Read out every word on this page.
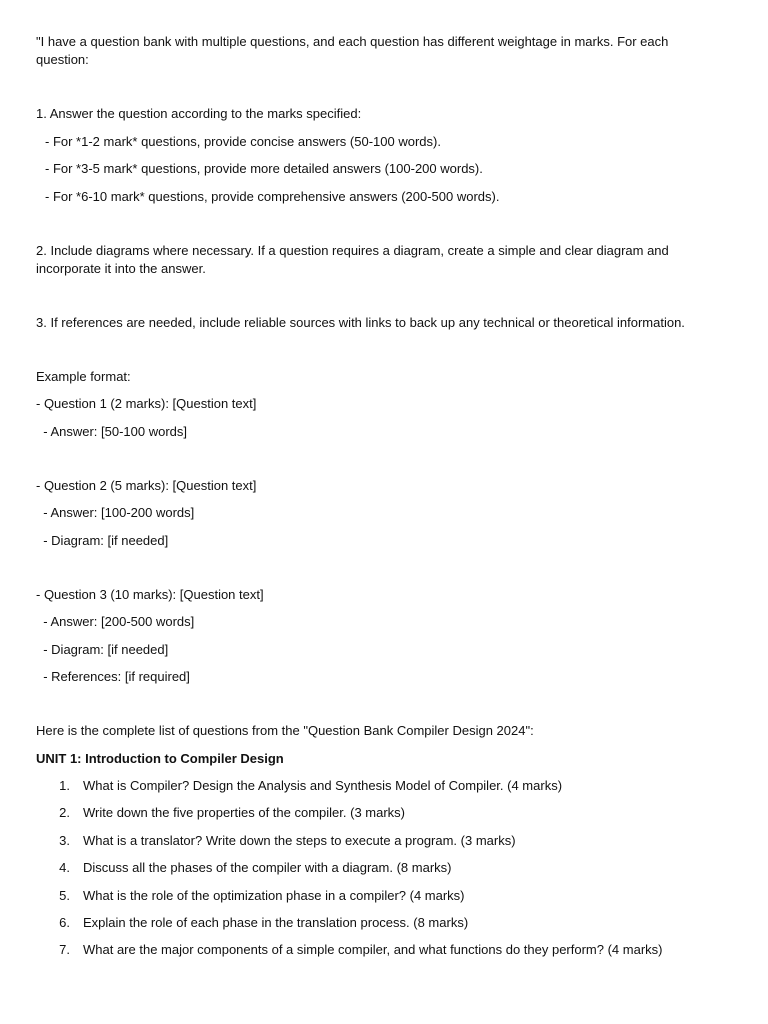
"I have a question bank with multiple questions, and each question has different weightage in marks. For each question:

1. Answer the question according to the marks specified:

- For *1-2 mark* questions, provide concise answers (50-100 words).

- For *3-5 mark* questions, provide more detailed answers (100-200 words).

- For *6-10 mark* questions, provide comprehensive answers (200-500 words).

2. Include diagrams where necessary. If a question requires a diagram, create a simple and clear diagram and incorporate it into the answer.

3. If references are needed, include reliable sources with links to back up any technical or theoretical information.

Example format:

- Question 1 (2 marks): [Question text]

- Answer: [50-100 words]

- Question 2 (5 marks): [Question text]

- Answer: [100-200 words]

- Diagram: [if needed]

- Question 3 (10 marks): [Question text]

- Answer: [200-500 words]

- Diagram: [if needed]

- References: [if required]

Here is the complete list of questions from the "Question Bank Compiler Design 2024":

UNIT 1: Introduction to Compiler Design

1. What is Compiler? Design the Analysis and Synthesis Model of Compiler. (4 marks)
2. Write down the five properties of the compiler. (3 marks)
3. What is a translator? Write down the steps to execute a program. (3 marks)
4. Discuss all the phases of the compiler with a diagram. (8 marks)
5. What is the role of the optimization phase in a compiler? (4 marks)
6. Explain the role of each phase in the translation process. (8 marks)
7. What are the major components of a simple compiler, and what functions do they perform? (4 marks)
